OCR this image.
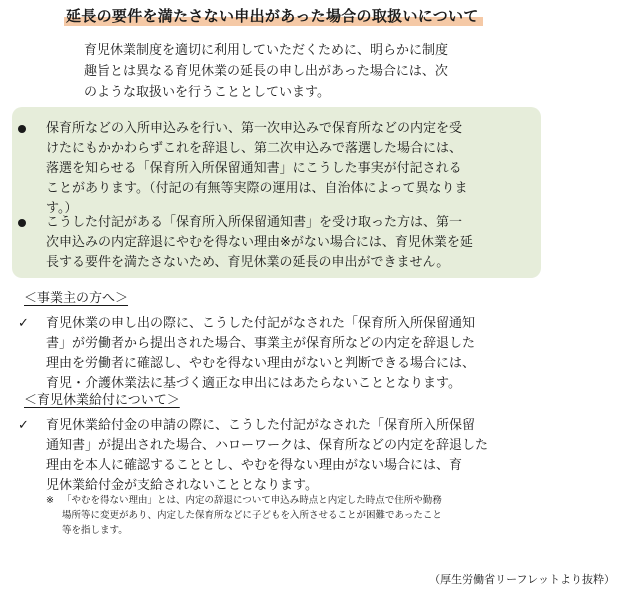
延長の要件を満たさない申出があった場合の取扱いについて

育児休業制度を適切に利用していただくために、明らかに制度
趣旨とは異なる育児休業の延長の申し出があった場合には、次
のような取扱いを行うこととしています。

保育所などの入所申込みを行い、第一次申込みで保育所などの内定を受
けたにもかかわらずこれを辞退し、第二次申込みで落選した場合には、
落選を知らせる「保育所入所保留通知書」にこうした事実が付記される
ことがあります。（付記の有無等実際の運用は、自治体によって異なりま
す。）
こうした付記がある「保育所入所保留通知書」を受け取った方は、第一
次申込みの内定辞退にやむを得ない理由※がない場合には、育児休業を延
長する要件を満たさないため、育児休業の延長の申出ができません。
＜事業主の方へ＞
✓ 育児休業の申し出の際に、こうした付記がなされた「保育所入所保留通知
書」が労働者から提出された場合、事業主が保育所などの内定を辞退した
理由を労働者に確認し、やむを得ない理由がないと判断できる場合には、
育児・介護休業法に基づく適正な申出にはあたらないこととなります。
＜育児休業給付について＞
✓ 育児休業給付金の申請の際に、こうした付記がなされた「保育所入所保留
通知書」が提出された場合、ハローワークは、保育所などの内定を辞退した
理由を本人に確認することとし、やむを得ない理由がない場合には、育
児休業給付金が支給されないこととなります。
※ 「やむを得ない理由」とは、内定の辞退について申込み時点と内定した時点で住所や勤務
場所等に変更があり、内定した保育所などに子どもを入所させることが困難であったこと
等を指します。
（厚生労働省リーフレットより抜粋）
